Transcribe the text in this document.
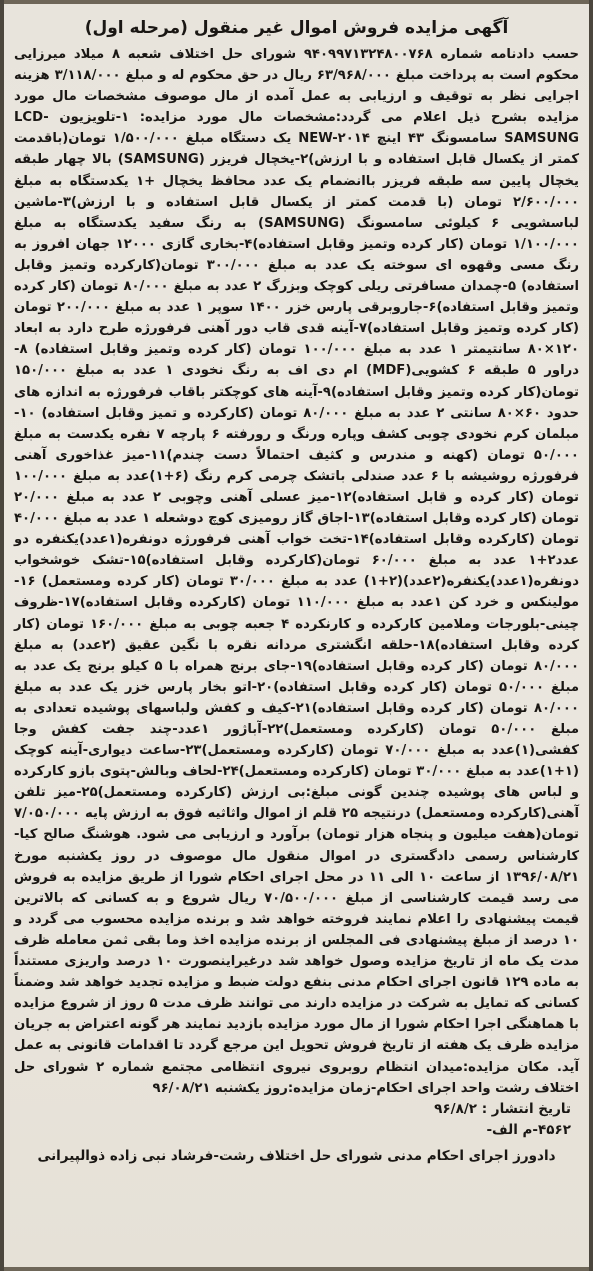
آگهی مزایده فروش اموال غیر منقول (مرحله اول)

حسب دادنامه شماره ۹۴۰۹۹۷۱۳۲۴۸۰۰۷۶۸ شورای حل اختلاف شعبه ۸ میلاد میرزایی محکوم است به پرداخت مبلغ ۶۳/۹۶۸/۰۰۰ ریال در حق محکوم له و مبلغ ۳/۱۱۸/۰۰۰ هزینه اجرایی نظر به توقیف و ارزیابی به عمل آمده از مال موصوف مشخصات مال مورد مزایده بشرح ذیل اعلام می گردد:مشخصات مال مورد مزایده: ۱-تلویزیون LCD-SAMSUNG سامسونگ ۴۳ اینچ NEW-۲۰۱۴ یک دستگاه مبلغ ۱/۵۰۰/۰۰۰ تومان(باقدمت کمتر از یکسال قابل استفاده و با ارزش)۲-یخچال فریزر (SAMSUNG) بالا چهار طبقه یخچال پایین سه طبقه فریزر باانضمام یک عدد محافظ یخچال +۱ یکدستگاه به مبلغ ۲/۶۰۰/۰۰۰ تومان (با قدمت کمتر از یکسال قابل استفاده و با ارزش)۳-ماشین لباسشویی ۶ کیلوئی سامسونگ (SAMSUNG) به رنگ سفید یکدستگاه به مبلغ ۱/۱۰۰/۰۰۰ تومان (کار کرده وتمیز وقابل استفاده)۴-بخاری گازی ۱۲۰۰۰ جهان افروز به رنگ مسی وقهوه ای سوخته یک عدد به مبلغ ۳۰۰/۰۰۰ تومان(کارکرده وتمیز وقابل استفاده) ۵-چمدان مسافرتی ریلی کوچک وبزرگ ۲ عدد به مبلغ ۸۰/۰۰۰ تومان (کار کرده وتمیز وقابل استفاده)۶-جاروبرقی پارس خزر ۱۴۰۰ سوپر ۱ عدد به مبلغ ۲۰۰/۰۰۰ تومان (کار کرده وتمیز وقابل استفاده)۷-آینه قدی قاب دور آهنی فرفورژه طرح دارد به ابعاد ۱۲۰×۸۰ سانتیمتر ۱ عدد به مبلغ ۱۰۰/۰۰۰ تومان (کار کرده وتمیز وقابل استفاده) ۸-دراور ۵ طبقه ۶ کشویی(MDF) ام دی اف به رنگ نخودی ۱ عدد به مبلغ ۱۵۰/۰۰۰ تومان(کار کرده وتمیز وقابل استفاده)۹-آینه های کوچکتر باقاب فرفورژه به اندازه های حدود ۶۰×۸۰ سانتی ۲ عدد به مبلغ ۸۰/۰۰۰ تومان (کارکرده و تمیز وقابل استفاده) ۱۰-مبلمان کرم نخودی چوبی کشف وپاره ورنگ و رورفته ۶ پارچه ۷ نفره یکدست به مبلغ ۵۰/۰۰۰ تومان (کهنه و مندرس و کثیف احتمالاً دست چندم)۱۱-میز غذاخوری آهنی فرفورژه روشیشه با ۶ عدد صندلی باتشک چرمی کرم رنگ (۶+۱)عدد به مبلغ ۱۰۰/۰۰۰ تومان (کار کرده و قابل استفاده)۱۲-میز عسلی آهنی وچوبی ۲ عدد به مبلغ ۲۰/۰۰۰ تومان (کار کرده وقابل استفاده)۱۳-اجاق گاز رومیزی کوچ دوشعله ۱ عدد به مبلغ ۴۰/۰۰۰ تومان (کارکرده وقابل استفاده)۱۴-تخت خواب آهنی فرفورژه دونفره(۱عدد)یکنفره دو عدد۲+۱ عدد به مبلغ ۶۰/۰۰۰ تومان(کارکرده وقابل استفاده)۱۵-تشک خوشخواب دونفره(۱عدد)یکنفره(۲عدد)(۲+۱) عدد به مبلغ ۳۰/۰۰۰ تومان (کار کرده ومستعمل) ۱۶-مولینکس و خرد کن ۱عدد به مبلغ ۱۱۰/۰۰۰ تومان (کارکرده وقابل استفاده)۱۷-ظروف چینی-بلورجات وملامین کارکرده و کارنکرده ۴ جعبه چوبی به مبلغ ۱۶۰/۰۰۰ تومان (کار کرده وقابل استفاده)۱۸-حلقه انگشتری مردانه نقره با نگین عقیق (۲عدد) به مبلغ ۸۰/۰۰۰ تومان (کار کرده وقابل استفاده)۱۹-جای برنج همراه با ۵ کیلو برنج یک عدد به مبلغ ۵۰/۰۰۰ تومان (کار کرده وقابل استفاده)۲۰-اتو بخار پارس خزر یک عدد به مبلغ ۸۰/۰۰۰ تومان (کار کرده وقابل استفاده)۲۱-کیف و کفش ولباسهای پوشیده تعدادی به مبلغ ۵۰/۰۰۰ تومان (کارکرده ومستعمل)۲۲-آباژور ۱عدد-چند جفت کفش وجا کفشی(۱)عدد به مبلغ ۷۰/۰۰۰ تومان (کارکرده ومستعمل)۲۳-ساعت دیواری-آینه کوچک (۱+۱)عدد به مبلغ ۳۰/۰۰۰ تومان (کارکرده ومستعمل)۲۴-لحاف وبالش-پتوی بازو کارکرده و لباس های پوشیده چندین گونی مبلغ:بی ارزش (کارکرده ومستعمل)۲۵-میز تلفن آهنی(کارکرده ومستعمل) درنتیجه ۲۵ قلم از اموال واثاثیه فوق به ارزش پایه ۷/۰۵۰/۰۰۰ تومان(هفت میلیون و پنجاه هزار تومان) برآورد و ارزیابی می شود. هوشنگ صالح کیا-کارشناس رسمی دادگستری در اموال منقول مال موصوف در روز یکشنبه مورخ ۱۳۹۶/۰۸/۲۱ از ساعت ۱۰ الی ۱۱ در محل اجرای احکام شورا از طریق مزایده به فروش می رسد قیمت کارشناسی از مبلغ ۷۰/۵۰۰/۰۰۰ ریال شروع و به کسانی که بالاترین قیمت پیشنهادی را اعلام نمایند فروخته خواهد شد و برنده مزایده محسوب می گردد و ۱۰ درصد از مبلغ پیشنهادی فی المجلس از برنده مزایده اخذ وما بقی ثمن معامله ظرف مدت یک ماه از تاریخ مزایده وصول خواهد شد درغیراینصورت ۱۰ درصد واریزی مستنداً به ماده ۱۲۹ قانون اجرای احکام مدنی بنفع دولت ضبط و مزایده تجدید خواهد شد وضمناً کسانی که تمایل به شرکت در مزایده دارند می توانند ظرف مدت ۵ روز از شروع مزایده با هماهنگی اجرا احکام شورا از مال مورد مزایده بازدید نمایند هر گونه اعتراض به جریان مزایده ظرف یک هفته از تاریخ فروش تحویل این مرجع گردد تا اقدامات قانونی به عمل آید. مکان مزایده:میدان انتظام روبروی نیروی انتظامی مجتمع شماره ۲ شورای حل اختلاف رشت واحد اجرای احکام-زمان مزایده:روز یکشنبه ۹۶/۰۸/۲۱

تاریخ انتشار : ۹۶/۸/۲
۴۵۶۲-م الف-
دادورز اجرای احکام مدنی شورای حل اختلاف رشت-فرشاد نبی زاده ذوالپیرانی
